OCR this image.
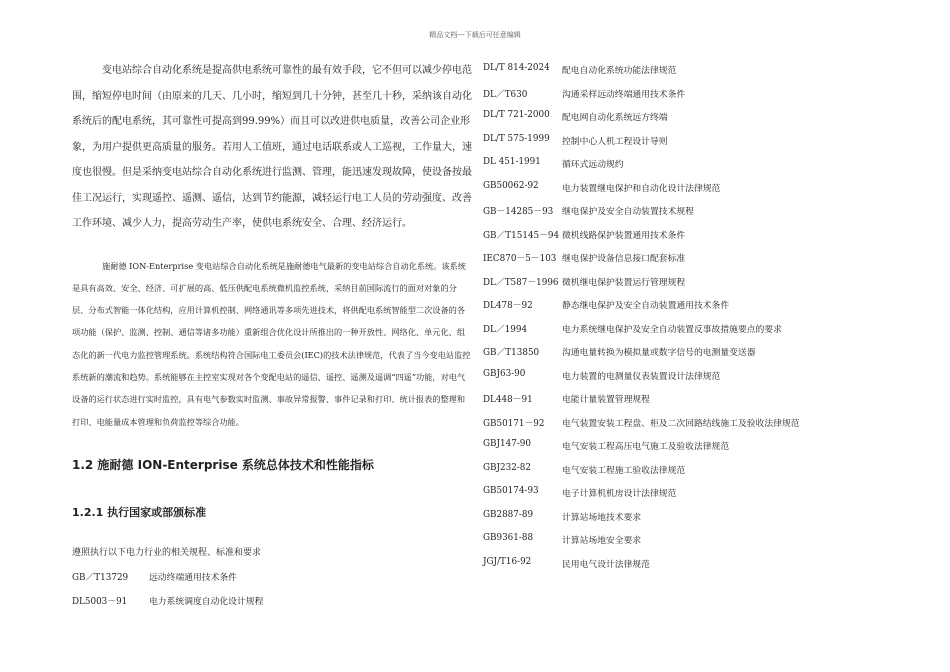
精品文档---下载后可任意编辑

变电站综合自动化系统是提高供电系统可靠性的最有效手段，它不但可以减少停电范围，缩短停电时间（由原来的几天、几小时，缩短到几十分钟，甚至几十秒，采纳该自动化系统后的配电系统，其可靠性可提高到99.99%）而且可以改进供电质量，改善公司企业形象，为用户提供更高质量的服务。若用人工值班，通过电话联系或人工巡视，工作量大，速度也很慢。但是采纳变电站综合自动化系统进行监测、管理，能迅速发现故障，使设备按最佳工况运行，实现遥控、遥测、遥信，达到节约能源，减轻运行电工人员的劳动强度、改善工作环境、减少人力，提高劳动生产率，使供电系统安全、合理、经济运行。

施耐德 ION-Enterprise 变电站综合自动化系统是施耐德电气最新的变电站综合自动化系统。该系统是具有高效、安全、经济、可扩展的高、低压供配电系统微机监控系统，采纳目前国际流行的面对对象的分层、分布式智能一体化结构，应用计算机控制、网络通讯等多项先进技术，将供配电系统智能型二次设备的各项功能（保护、监测、控制、通信等诸多功能）重新组合优化设计所推出的一种开放性、网络化、单元化、组态化的新一代电力监控管理系统。系统结构符合国际电工委员会(IEC)的技术法律规范，代表了当今变电站监控系统新的潮流和趋势。系统能够在主控室实现对各个变配电站的遥信、遥控、遥测及遥调“四遥”功能，对电气设备的运行状态进行实时监控，具有电气参数实时监测、事故异常报警、事件记录和打印、统计报表的整理和打印、电能量成本管理和负荷监控等综合功能。

1.2 施耐德 ION-Enterprise 系统总体技术和性能指标
1.2.1 执行国家或部颁标准

遵照执行以下电力行业的相关规程、标准和要求

GB／T13729	远动终端通用技术条件
DL5003－91	电力系统调度自动化设计规程
DL/T 814-2024	配电自动化系统功能法律规范
DL／T630	沟通采样远动终端通用技术条件
DL/T 721-2000	配电网自动化系统远方终端
DL/T 575-1999	控制中心人机工程设计导则
DL 451-1991	循环式远动规约
GB50062-92	电力装置继电保护和自动化设计法律规范
GB－14285－93 继电保护及安全自动装置技术规程
GB／T15145－94 微机线路保护装置通用技术条件
IEC870－5－103 继电保护设备信息接口配套标准
DL／T587－1996 微机继电保护装置运行管理规程
DL478－92	静态继电保护及安全自动装置通用技术条件
DL／1994	电力系统继电保护及安全自动装置反事故措施要点的要求
GB／T13850	沟通电量转换为模拟量或数字信号的电测量变送器
GBJ63-90	电力装置的电测量仪表装置设计法律规范
DL448－91	电能计量装置管理规程
GB50171－92	电气装置安装工程盘、柜及二次回路结线施工及验收法律规范
GBJ147-90	电气安装工程高压电气施工及验收法律规范
GBJ232-82	电气安装工程施工验收法律规范
GB50174-93	电子计算机机房设计法律规范
GB2887-89	计算站场地技术要求
GB9361-88	计算站场地安全要求
JGJ/T16-92	民用电气设计法律规范
